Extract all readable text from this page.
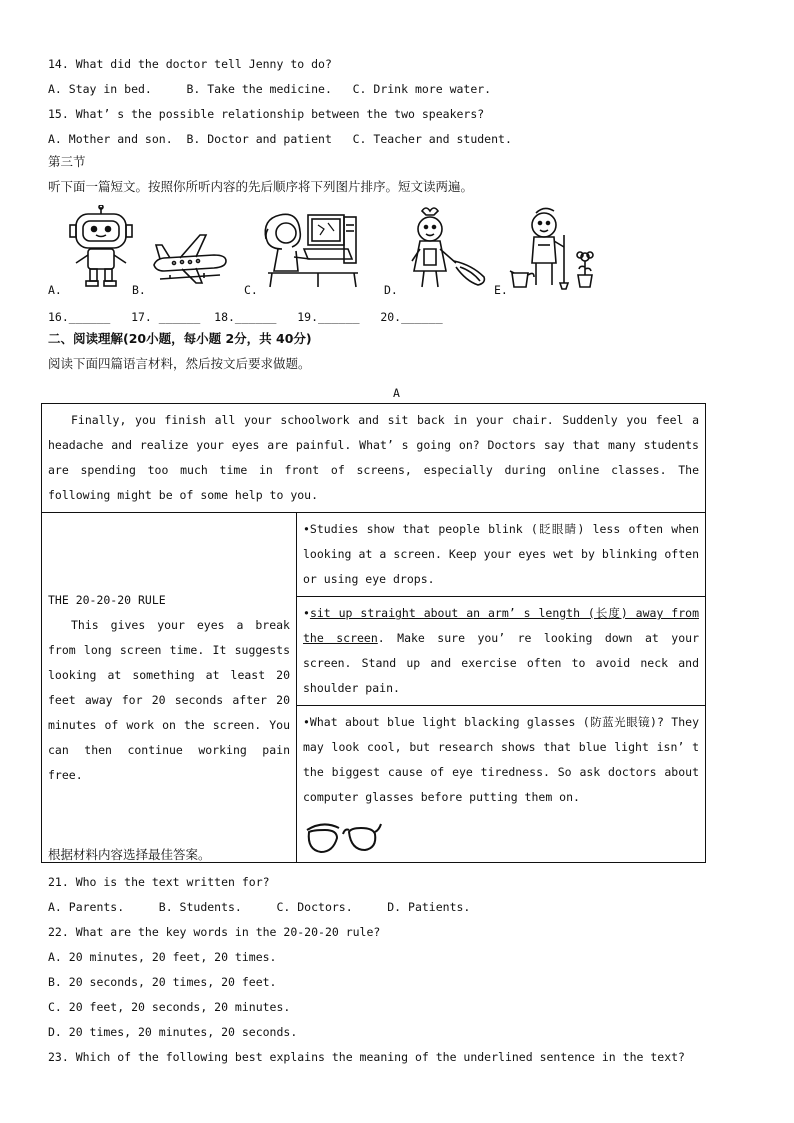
14. What did the doctor tell Jenny to do?
A. Stay in bed.     B. Take the medicine.   C. Drink more water.
15. What’ s the possible relationship between the two speakers?
A. Mother and son.  B. Doctor and patient   C. Teacher and student.
第三节
听下面一篇短文。按照你所听内容的先后顺序将下列图片排序。短文读两遍。
A.	B.	C.	D.	E.
16.______   17. ______  18.______   19.______   20.______
二、阅读理解(20小题，每小题 2分，共 40分)
阅读下面四篇语言材料，然后按文后要求做题。
A
Finally, you finish all your schoolwork and sit back in your chair. Suddenly you feel a headache and realize your eyes are painful. What’ s going on? Doctors say that many students are spending too much time in front of screens, especially during online classes. The following might be of some help to you.

THE 20-20-20 RULE
This gives your eyes a break from long screen time. It suggests looking at something at least 20 feet away for 20 seconds after 20 minutes of work on the screen. You can then continue working pain free.
	•Studies show that people blink (眨眼睛) less often when looking at a screen. Keep your eyes wet by blinking often or using eye drops.
•sit up straight about an arm’ s length (长度) away from the screen. Make sure you’ re looking down at your screen. Stand up and exercise often to avoid neck and shoulder pain.
•What about blue light blacking glasses (防蓝光眼镜)? They may look cool, but research shows that blue light isn’ t the biggest cause of eye tiredness. So ask doctors about computer glasses before putting them on.
根据材料内容选择最佳答案。
21. Who is the text written for?
A. Parents.     B. Students.     C. Doctors.     D. Patients.
22. What are the key words in the 20-20-20 rule?
A. 20 minutes, 20 feet, 20 times.
B. 20 seconds, 20 times, 20 feet.
C. 20 feet, 20 seconds, 20 minutes.
D. 20 times, 20 minutes, 20 seconds.
23. Which of the following best explains the meaning of the underlined sentence in the text?
